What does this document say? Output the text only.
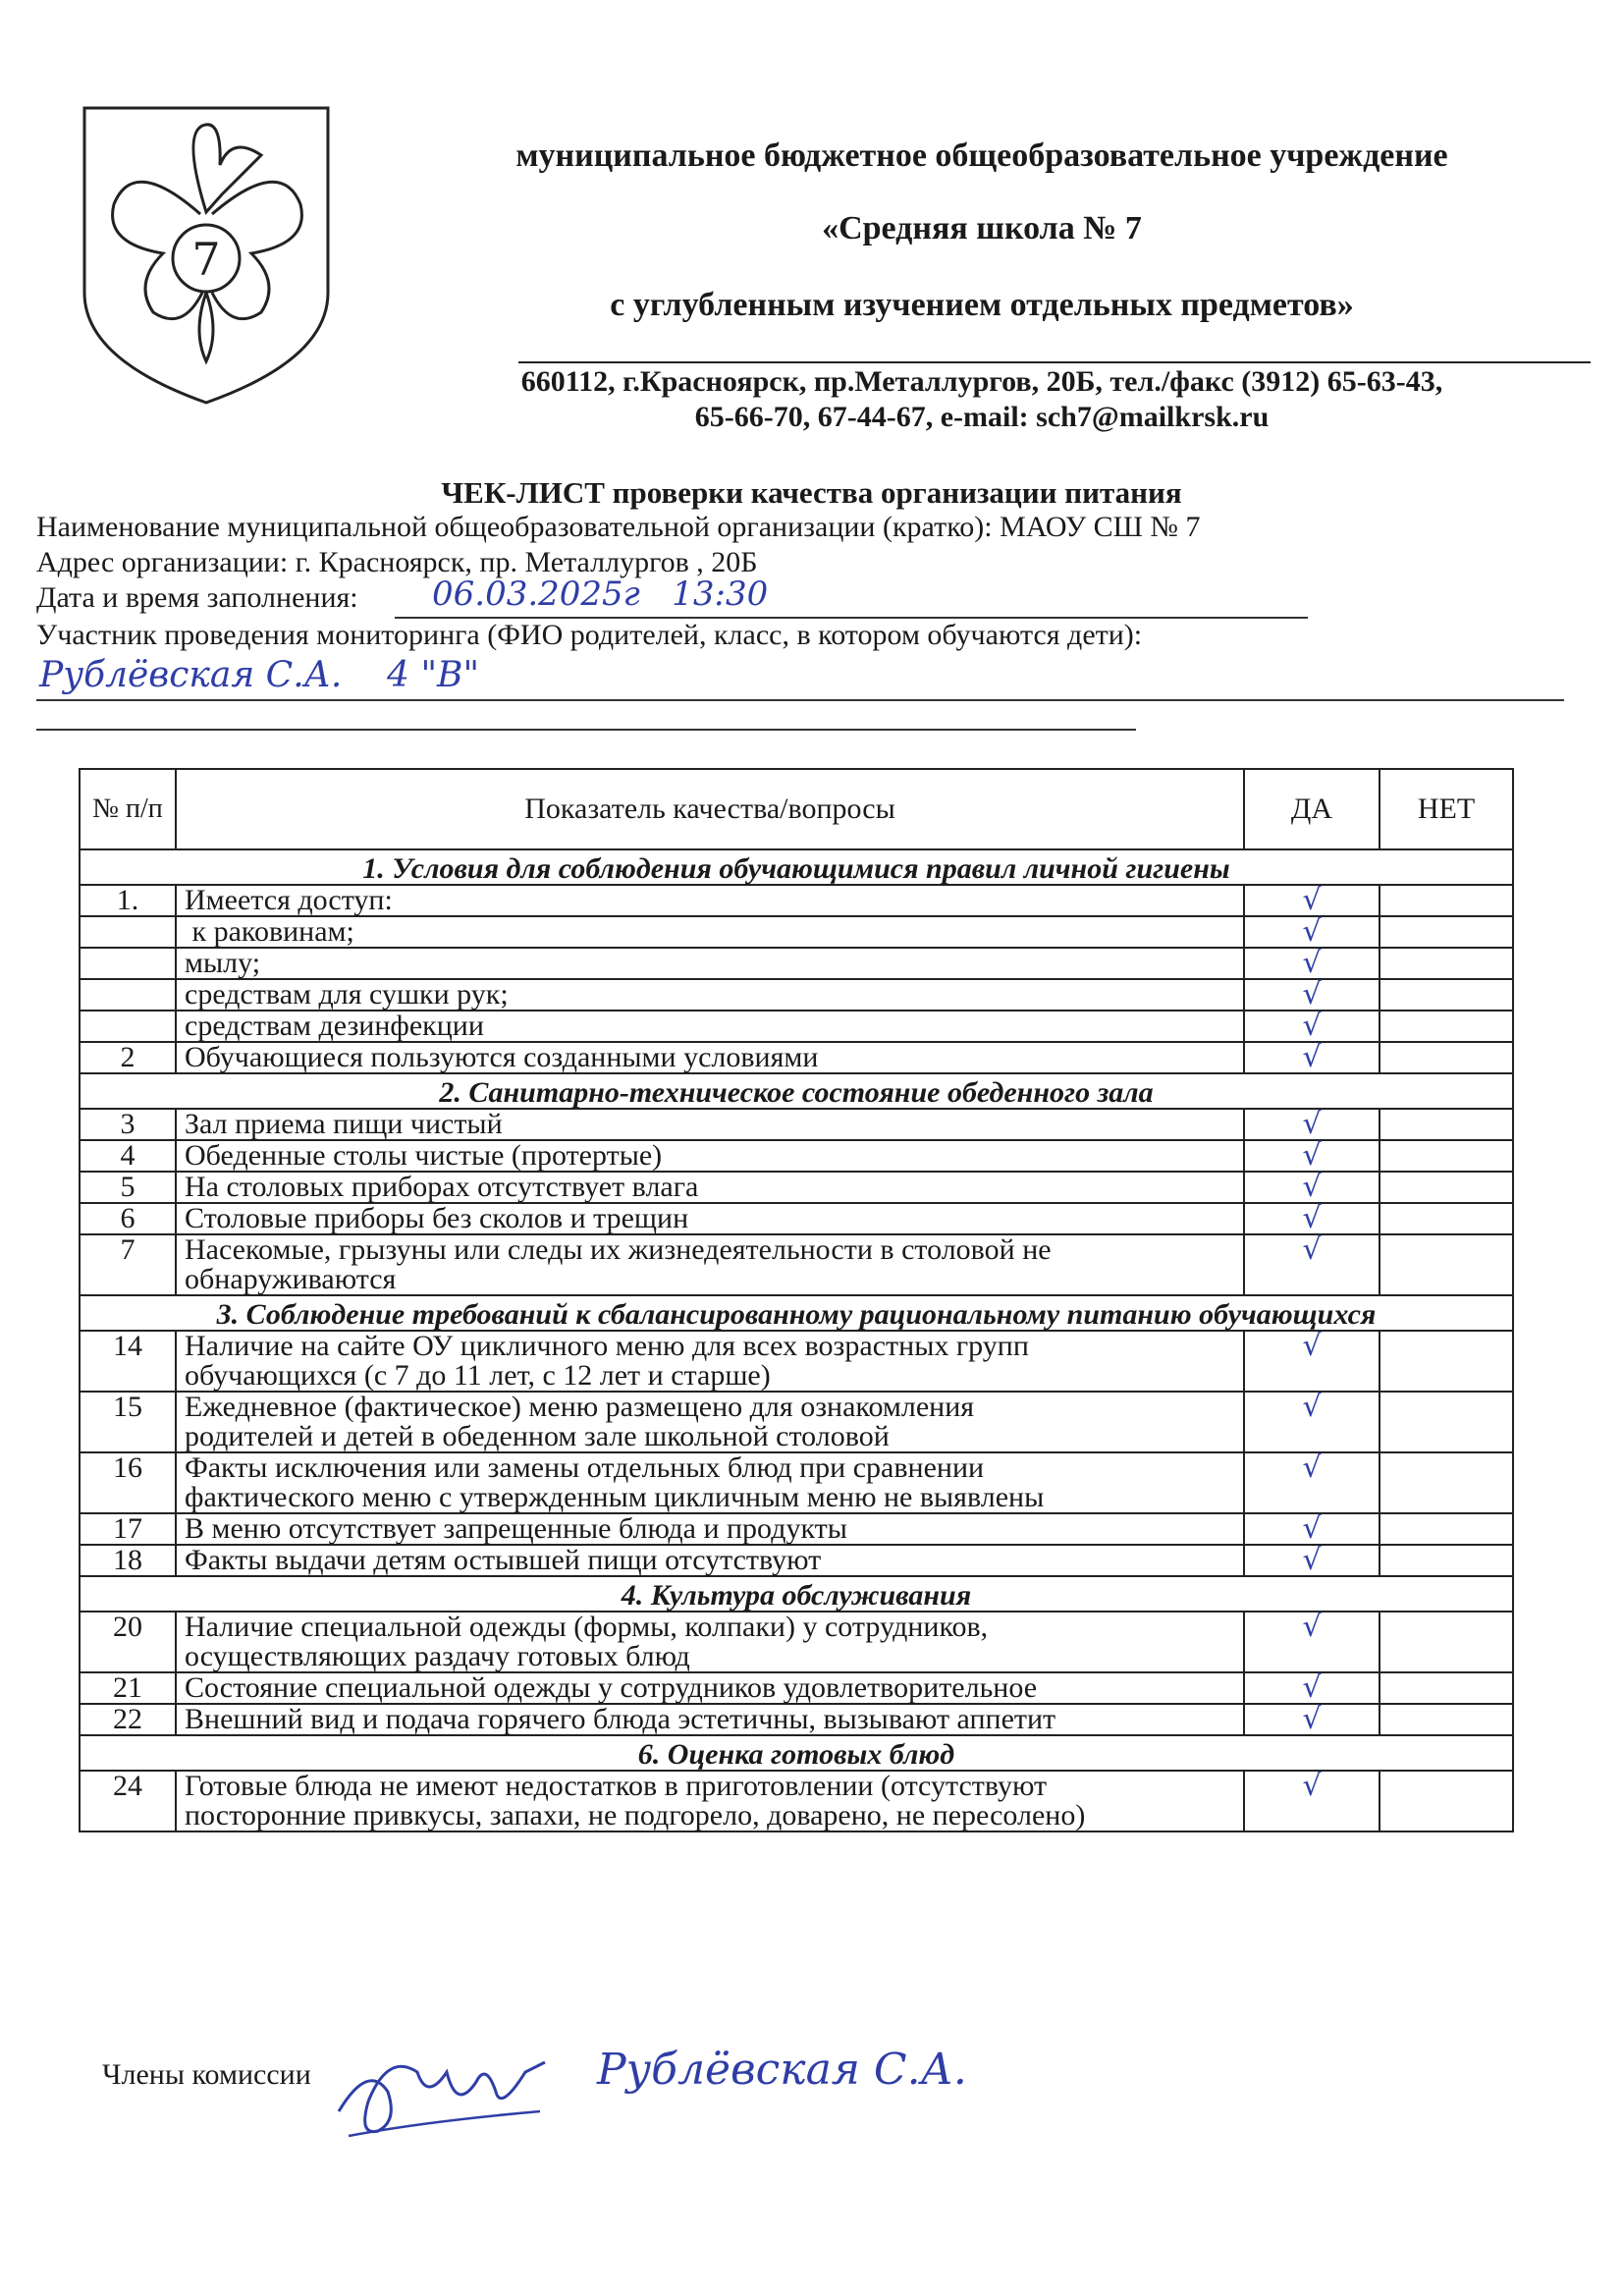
7
муниципальное бюджетное общеобразовательное учреждение
«Средняя школа № 7
с углубленным изучением отдельных предметов»
660112, г.Красноярск, пр.Металлургов, 20Б, тел./факс (3912) 65-63-43,
65-66-70, 67-44-67, e-mail: sch7@mailkrsk.ru
ЧЕК-ЛИСТ проверки качества организации питания
Наименование муниципальной общеобразовательной организации (кратко): МАОУ СШ № 7
Адрес организации: г. Красноярск, пр. Металлургов , 20Б
Дата и время заполнения: 06.03.2025г   13:30
Участник проведения мониторинга (ФИО родителей, класс, в котором обучаются дети):
Рублёвская С.А.    4 "В"
№ п/п	Показатель качества/вопросы	ДА	НЕТ
1. Условия для соблюдения обучающимися правил личной гигиены			
1.	Имеется доступ:	√	

	к раковинам;	√	

	мылу;	√	

	средствам для сушки рук;	√	

	средствам дезинфекции	√	
2	Обучающиеся пользуются созданными условиями	√	
2. Санитарно-техническое состояние обеденного зала			
3	Зал приема пищи чистый	√	
4	Обеденные столы чистые (протертые)	√	
5	На столовых приборах отсутствует влага	√	
6	Столовые приборы без сколов и трещин	√	
7	Насекомые, грызуны или следы их жизнедеятельности в столовой не
обнаруживаются	√	
3. Соблюдение требований к сбалансированному рациональному питанию обучающихся			
14	Наличие на сайте ОУ цикличного меню для всех возрастных групп
обучающихся (с 7 до 11 лет, с 12 лет и старше)	√	
15	Ежедневное (фактическое) меню размещено для ознакомления
родителей и детей в обеденном зале школьной столовой	√	
16	Факты исключения или замены отдельных блюд при сравнении
фактического меню с утвержденным цикличным меню не выявлены	√	
17	В меню отсутствует запрещенные блюда и продукты	√	
18	Факты выдачи детям остывшей пищи отсутствуют	√	
4. Культура обслуживания			
20	Наличие специальной одежды (формы, колпаки) у сотрудников,
осуществляющих раздачу готовых блюд	√	
21	Состояние специальной одежды у сотрудников удовлетворительное	√	
22	Внешний вид и подача горячего блюда эстетичны, вызывают аппетит	√	
6. Оценка готовых блюд			
24	Готовые блюда не имеют недостатков в приготовлении (отсутствуют
посторонние привкусы, запахи, не подгорело, доварено, не пересолено)	√	
Члены комиссии	Рублёвская С.А.
